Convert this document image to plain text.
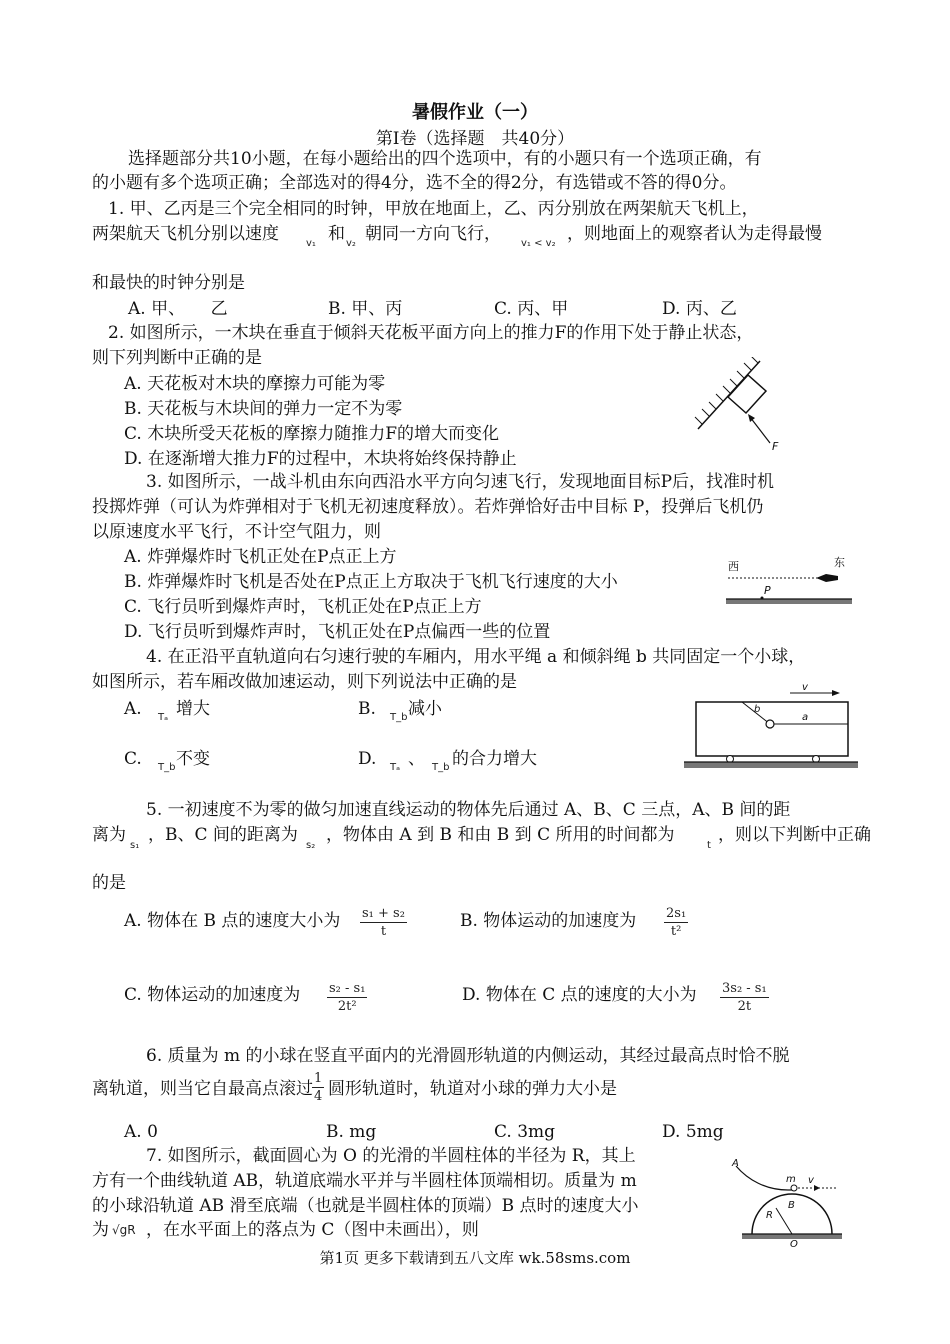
暑假作业（一）
第Ⅰ卷（选择题　共40分）
选择题部分共10小题，在每小题给出的四个选项中，有的小题只有一个选项正确，有
的小题有多个选项正确；全部选对的得4分，选不全的得2分，有选错或不答的得0分。
1. 甲、乙丙是三个完全相同的时钟，甲放在地面上，乙、丙分别放在两架航天飞机上，
两架航天飞机分别以速度	v₁ 和 v₂ 朝同一方向飞行， v₁ < v₂ ，则地面上的观察者认为走得最慢
和最快的时钟分别是
A. 甲、　　乙	B. 甲、丙	C. 丙、甲	D. 丙、乙
2. 如图所示，一木块在垂直于倾斜天花板平面方向上的推力F的作用下处于静止状态，
则下列判断中正确的是
A. 天花板对木块的摩擦力可能为零
B. 天花板与木块间的弹力一定不为零
C. 木块所受天花板的摩擦力随推力F的增大而变化
D. 在逐渐增大推力F的过程中，木块将始终保持静止
F
3. 如图所示，一战斗机由东向西沿水平方向匀速飞行，发现地面目标P后，找准时机
投掷炸弹（可认为炸弹相对于飞机无初速度释放）。若炸弹恰好击中目标 P，投弹后飞机仍
以原速度水平飞行，不计空气阻力，则
A. 炸弹爆炸时飞机正处在P点正上方
B. 炸弹爆炸时飞机是否处在P点正上方取决于飞机飞行速度的大小
C. 飞行员听到爆炸声时，飞机正处在P点正上方
D. 飞行员听到爆炸声时，飞机正处在P点偏西一些的位置
西	东
P
4. 在正沿平直轨道向右匀速行驶的车厢内，用水平绳 a 和倾斜绳 b 共同固定一个小球，
如图所示，若车厢改做加速运动，则下列说法中正确的是
A. Tₐ 增大	B. T_b 减小
C. T_b 不变	D. Tₐ 、 T_b 的合力增大
v
b
a
5. 一初速度不为零的做匀加速直线运动的物体先后通过 A、B、C 三点，A、B 间的距
离为
s₁
，B、C 间的距离为
s₂
，物体由 A 到 B 和由 B 到 C 所用的时间都为
t
，则以下判断中正确
的是
A. 物体在 B 点的速度大小为 $\frac{\text{s₁ + s₂}}{t}$	B. 物体运动的加速度为 $\frac{\text{2s₁}}{\text{t²}}$
C. 物体运动的加速度为 $\frac{\text{s₂ - s₁}}{\text{2t²}}$	D. 物体在 C 点的速度的大小为 $\frac{\text{3s₂ - s₁}}{2t}$
6. 质量为 m 的小球在竖直平面内的光滑圆形轨道的内侧运动，其经过最高点时恰不脱
离轨道，则当它自最高点滚过 $\frac{1}{4}$ 圆形轨道时，轨道对小球的弹力大小是
A. 0	B. mg	C. 3mg	D. 5mg
7. 如图所示，截面圆心为 O 的光滑的半圆柱体的半径为 R，其上
方有一个曲线轨道 AB，轨道底端水平并与半圆柱体顶端相切。质量为 m
的小球沿轨道 AB 滑至底端（也就是半圆柱体的顶端）B 点时的速度大小
为 √gR ，在水平面上的落点为 C（图中未画出），则
A
m v
B
R
O
第1页 更多下载请到五八文库 wk.58sms.com
